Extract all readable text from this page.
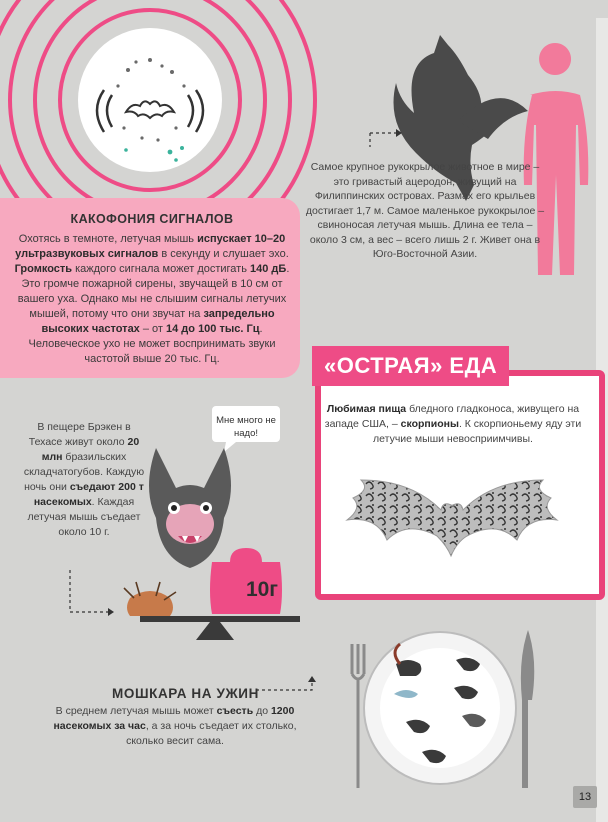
КАКОФОНИЯ СИГНАЛОВ
Охотясь в темноте, летучая мышь испускает 10–20 ультразвуковых сигналов в секунду и слушает эхо. Громкость каждого сигнала может достигать 140 дБ. Это громче пожарной сирены, звучащей в 10 см от вашего уха. Однако мы не слышим сигналы летучих мышей, потому что они звучат на запредельно высоких частотах – от 14 до 100 тыс. Гц. Человеческое ухо не может воспринимать звуки частотой выше 20 тыс. Гц.
Самое крупное рукокрылое животное в мире – это гривастый ацеродон, живущий на Филиппинских островах. Размах его крыльев достигает 1,7 м. Самое маленькое рукокрылое – свиноносая летучая мышь. Длина ее тела – около 3 см, а вес – всего лишь 2 г. Живет она в Юго-Восточной Азии.
«ОСТРАЯ» ЕДА
Любимая пища бледного гладконоса, живущего на западе США, – скорпионы. К скорпионьему яду эти летучие мыши невосприимчивы.
В пещере Брэкен в Техасе живут около 20 млн бразильских складчатогубов. Каждую ночь они съедают 200 т насекомых. Каждая летучая мышь съедает около 10 г.
Мне много не надо!
10г
МОШКАРА НА УЖИН
В среднем летучая мышь может съесть до 1200 насекомых за час, а за ночь съедает их столько, сколько весит сама.
13
